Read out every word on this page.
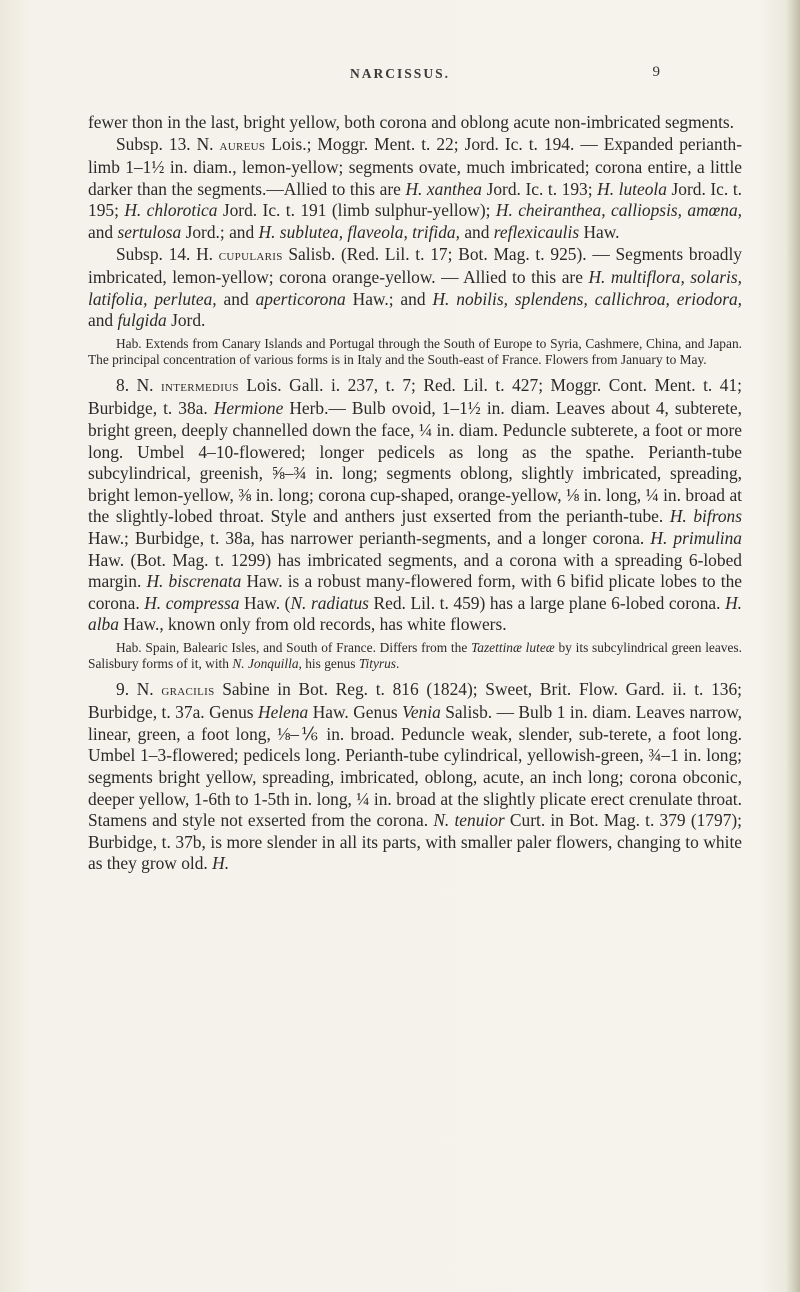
NARCISSUS.	9

fewer thon in the last, bright yellow, both corona and oblong acute non-imbricated segments.

Subsp. 13. N. aureus Lois.; Moggr. Ment. t. 22; Jord. Ic. t. 194. — Expanded perianth-limb 1–1½ in. diam., lemon-yellow; segments ovate, much imbricated; corona entire, a little darker than the segments.—Allied to this are H. xanthea Jord. Ic. t. 193; H. luteola Jord. Ic. t. 195; H. chlorotica Jord. Ic. t. 191 (limb sulphur-yellow); H. cheiranthea, calliopsis, amœna, and sertulosa Jord.; and H. sublutea, flaveola, trifida, and reflexicaulis Haw.

Subsp. 14. H. cupularis Salisb. (Red. Lil. t. 17; Bot. Mag. t. 925). — Segments broadly imbricated, lemon-yellow; corona orange-yellow. — Allied to this are H. multiflora, solaris, latifolia, perlutea, and aperticorona Haw.; and H. nobilis, splendens, callichroa, eriodora, and fulgida Jord.

Hab. Extends from Canary Islands and Portugal through the South of Europe to Syria, Cashmere, China, and Japan. The principal concentration of various forms is in Italy and the South-east of France. Flowers from January to May.

8. N. intermedius Lois. Gall. i. 237, t. 7; Red. Lil. t. 427; Moggr. Cont. Ment. t. 41; Burbidge, t. 38a. Hermione Herb.— Bulb ovoid, 1–1½ in. diam. Leaves about 4, subterete, bright green, deeply channelled down the face, ¼ in. diam. Peduncle subterete, a foot or more long. Umbel 4–10-flowered; longer pedicels as long as the spathe. Perianth-tube subcylindrical, greenish, ⅝–¾ in. long; segments oblong, slightly imbricated, spreading, bright lemon-yellow, ⅜ in. long; corona cup-shaped, orange-yellow, ⅛ in. long, ¼ in. broad at the slightly-lobed throat. Style and anthers just exserted from the perianth-tube. H. bifrons Haw.; Burbidge, t. 38a, has narrower perianth-segments, and a longer corona. H. primulina Haw. (Bot. Mag. t. 1299) has imbricated segments, and a corona with a spreading 6-lobed margin. H. biscrenata Haw. is a robust many-flowered form, with 6 bifid plicate lobes to the corona. H. compressa Haw. (N. radiatus Red. Lil. t. 459) has a large plane 6-lobed corona. H. alba Haw., known only from old records, has white flowers.

Hab. Spain, Balearic Isles, and South of France. Differs from the Tazettinæ luteæ by its subcylindrical green leaves. Salisbury forms of it, with N. Jonquilla, his genus Tityrus.

9. N. gracilis Sabine in Bot. Reg. t. 816 (1824); Sweet, Brit. Flow. Gard. ii. t. 136; Burbidge, t. 37a. Genus Helena Haw. Genus Venia Salisb. — Bulb 1 in. diam. Leaves narrow, linear, green, a foot long, ⅛–⅙ in. broad. Peduncle weak, slender, sub-terete, a foot long. Umbel 1–3-flowered; pedicels long. Perianth-tube cylindrical, yellowish-green, ¾–1 in. long; segments bright yellow, spreading, imbricated, oblong, acute, an inch long; corona obconic, deeper yellow, 1-6th to 1-5th in. long, ¼ in. broad at the slightly plicate erect crenulate throat. Stamens and style not exserted from the corona. N. tenuior Curt. in Bot. Mag. t. 379 (1797); Burbidge, t. 37b, is more slender in all its parts, with smaller paler flowers, changing to white as they grow old. H.
